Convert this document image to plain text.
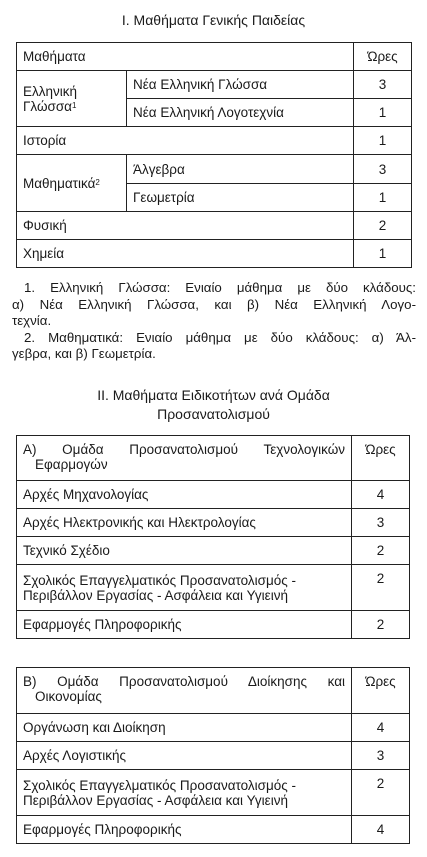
Ι. Μαθήματα Γενικής Παιδείας
Μαθήματα		Ώρες
Ελληνική
Γλώσσα$^1$	Νέα Ελληνική Γλώσσα	3
	Νέα Ελληνική Λογοτεχνία	1
Ιστορία		1
Μαθηματικά$^2$	Άλγεβρα	3
	Γεωμετρία	1
Φυσική		2
Χημεία		1

1. Ελληνική Γλώσσα: Ενιαίο μάθημα με δύο κλάδους:

α) Νέα Ελληνική Γλώσσα, και β) Νέα Ελληνική Λογο-

τεχνία.

2. Μαθηματικά: Ενιαίο μάθημα με δύο κλάδους: α) Άλ-

γεβρα, και β) Γεωμετρία.

ΙΙ. Μαθήματα Ειδικοτήτων ανά Ομάδα
Προσανατολισμού
Α) Ομάδα Προσανατολισμού Τεχνολογικών
Εφαρμογών	Ώρες
Αρχές Μηχανολογίας	4
Αρχές Ηλεκτρονικής και Ηλεκτρολογίας	3
Τεχνικό Σχέδιο	2

Σχολικός Επαγγελματικός Προσανατολισμός -
Περιβάλλον Εργασίας - Ασφάλεια και Υγιεινή	2
Εφαρμογές Πληροφορικής	2
Β) Ομάδα Προσανατολισμού Διοίκησης και
Οικονομίας	Ώρες
Οργάνωση και Διοίκηση	4
Αρχές Λογιστικής	3

Σχολικός Επαγγελματικός Προσανατολισμός -
Περιβάλλον Εργασίας - Ασφάλεια και Υγιεινή	2
Εφαρμογές Πληροφορικής	4
